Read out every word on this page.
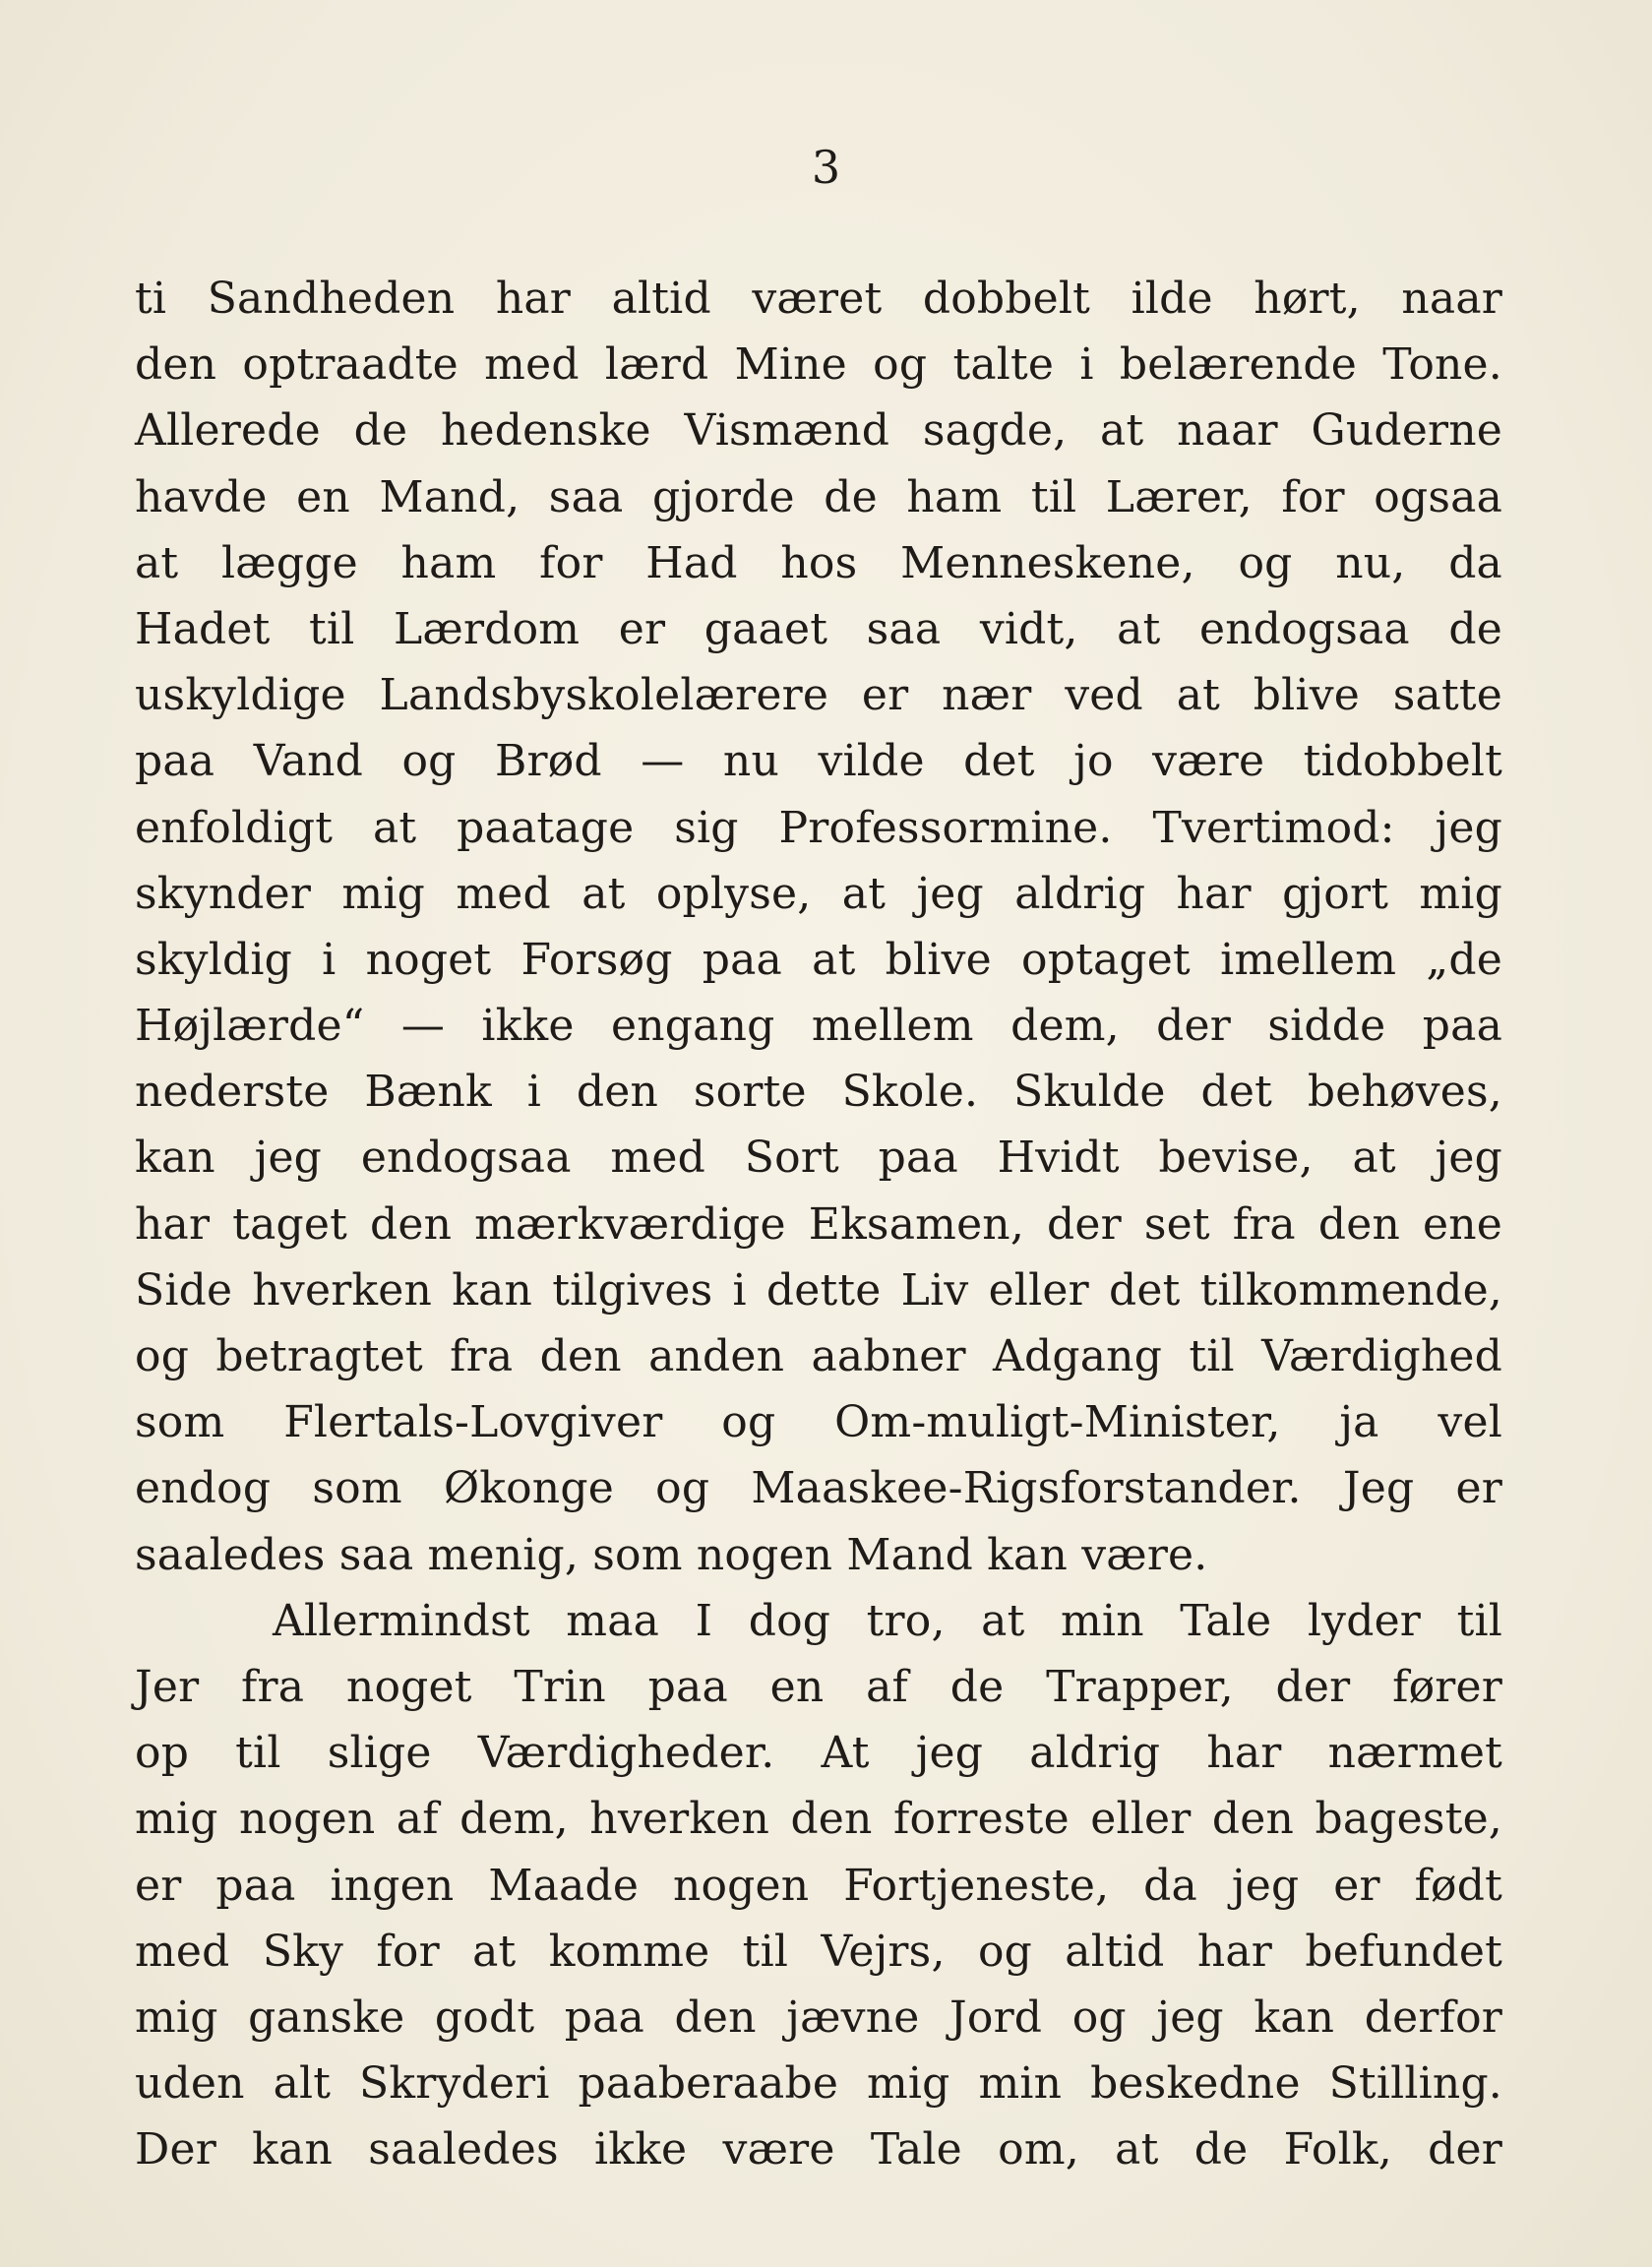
3
ti Sandheden har altid været dobbelt ilde hørt, naar
den optraadte med lærd Mine og talte i belærende Tone.
Allerede de hedenske Vismænd sagde, at naar Guderne
havde en Mand, saa gjorde de ham til Lærer, for ogsaa
at lægge ham for Had hos Menneskene, og nu, da
Hadet til Lærdom er gaaet saa vidt, at endogsaa de
uskyldige Landsbyskolelærere er nær ved at blive satte
paa Vand og Brød — nu vilde det jo være tidobbelt
enfoldigt at paatage sig Professormine. Tvertimod: jeg
skynder mig med at oplyse, at jeg aldrig har gjort mig
skyldig i noget Forsøg paa at blive optaget imellem „de
Højlærde“ — ikke engang mellem dem, der sidde paa
nederste Bænk i den sorte Skole. Skulde det behøves,
kan jeg endogsaa med Sort paa Hvidt bevise, at jeg
har taget den mærkværdige Eksamen, der set fra den ene
Side hverken kan tilgives i dette Liv eller det tilkommende,
og betragtet fra den anden aabner Adgang til Værdighed
som Flertals-Lovgiver og Om-muligt-Minister, ja vel
endog som Økonge og Maaskee-Rigsforstander. Jeg er
saaledes saa menig, som nogen Mand kan være.
Allermindst maa I dog tro, at min Tale lyder til
Jer fra noget Trin paa en af de Trapper, der fører
op til slige Værdigheder. At jeg aldrig har nærmet
mig nogen af dem, hverken den forreste eller den bageste,
er paa ingen Maade nogen Fortjeneste, da jeg er født
med Sky for at komme til Vejrs, og altid har befundet
mig ganske godt paa den jævne Jord og jeg kan derfor
uden alt Skryderi paaberaabe mig min beskedne Stilling.
Der kan saaledes ikke være Tale om, at de Folk, der
